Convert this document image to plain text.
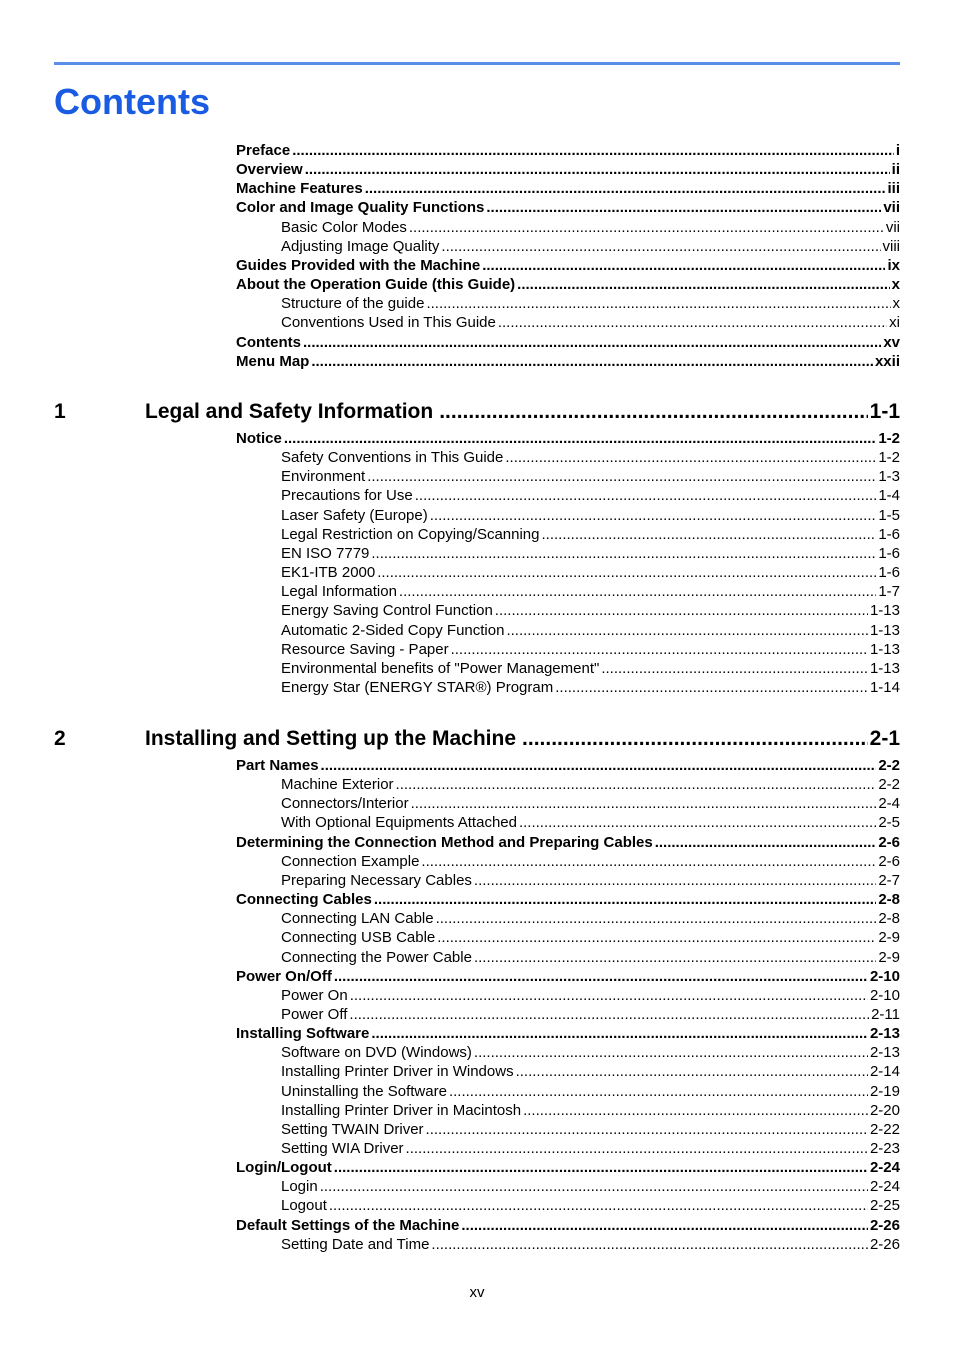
Contents
Preface .....	i
Overview .....	ii
Machine Features .....	iii
Color and Image Quality Functions .....	vii
Basic Color Modes .....	vii
Adjusting Image Quality .....	viii
Guides Provided with the Machine .....	ix
About the Operation Guide (this Guide) .....	x
Structure of the guide .....	x
Conventions Used in This Guide .....	xi
Contents .....	xv
Menu Map .....	xxii
1	Legal and Safety Information .....	1-1
Notice .....	1-2
Safety Conventions in This Guide .....	1-2
Environment .....	1-3
Precautions for Use .....	1-4
Laser Safety (Europe) .....	1-5
Legal Restriction on Copying/Scanning .....	1-6
EN ISO 7779 .....	1-6
EK1-ITB 2000 .....	1-6
Legal Information .....	1-7
Energy Saving Control Function .....	1-13
Automatic 2-Sided Copy Function .....	1-13
Resource Saving - Paper .....	1-13
Environmental benefits of "Power Management" .....	1-13
Energy Star (ENERGY STAR®) Program .....	1-14
2	Installing and Setting up the Machine .....	2-1
Part Names .....	2-2
Machine Exterior .....	2-2
Connectors/Interior .....	2-4
With Optional Equipments Attached .....	2-5
Determining the Connection Method and Preparing Cables .....	2-6
Connection Example .....	2-6
Preparing Necessary Cables .....	2-7
Connecting Cables .....	2-8
Connecting LAN Cable .....	2-8
Connecting USB Cable .....	2-9
Connecting the Power Cable .....	2-9
Power On/Off .....	2-10
Power On .....	2-10
Power Off .....	2-11
Installing Software .....	2-13
Software on DVD (Windows) .....	2-13
Installing Printer Driver in Windows .....	2-14
Uninstalling the Software .....	2-19
Installing Printer Driver in Macintosh .....	2-20
Setting TWAIN Driver .....	2-22
Setting WIA Driver .....	2-23
Login/Logout .....	2-24
Login .....	2-24
Logout .....	2-25
Default Settings of the Machine .....	2-26
Setting Date and Time .....	2-26
xv
